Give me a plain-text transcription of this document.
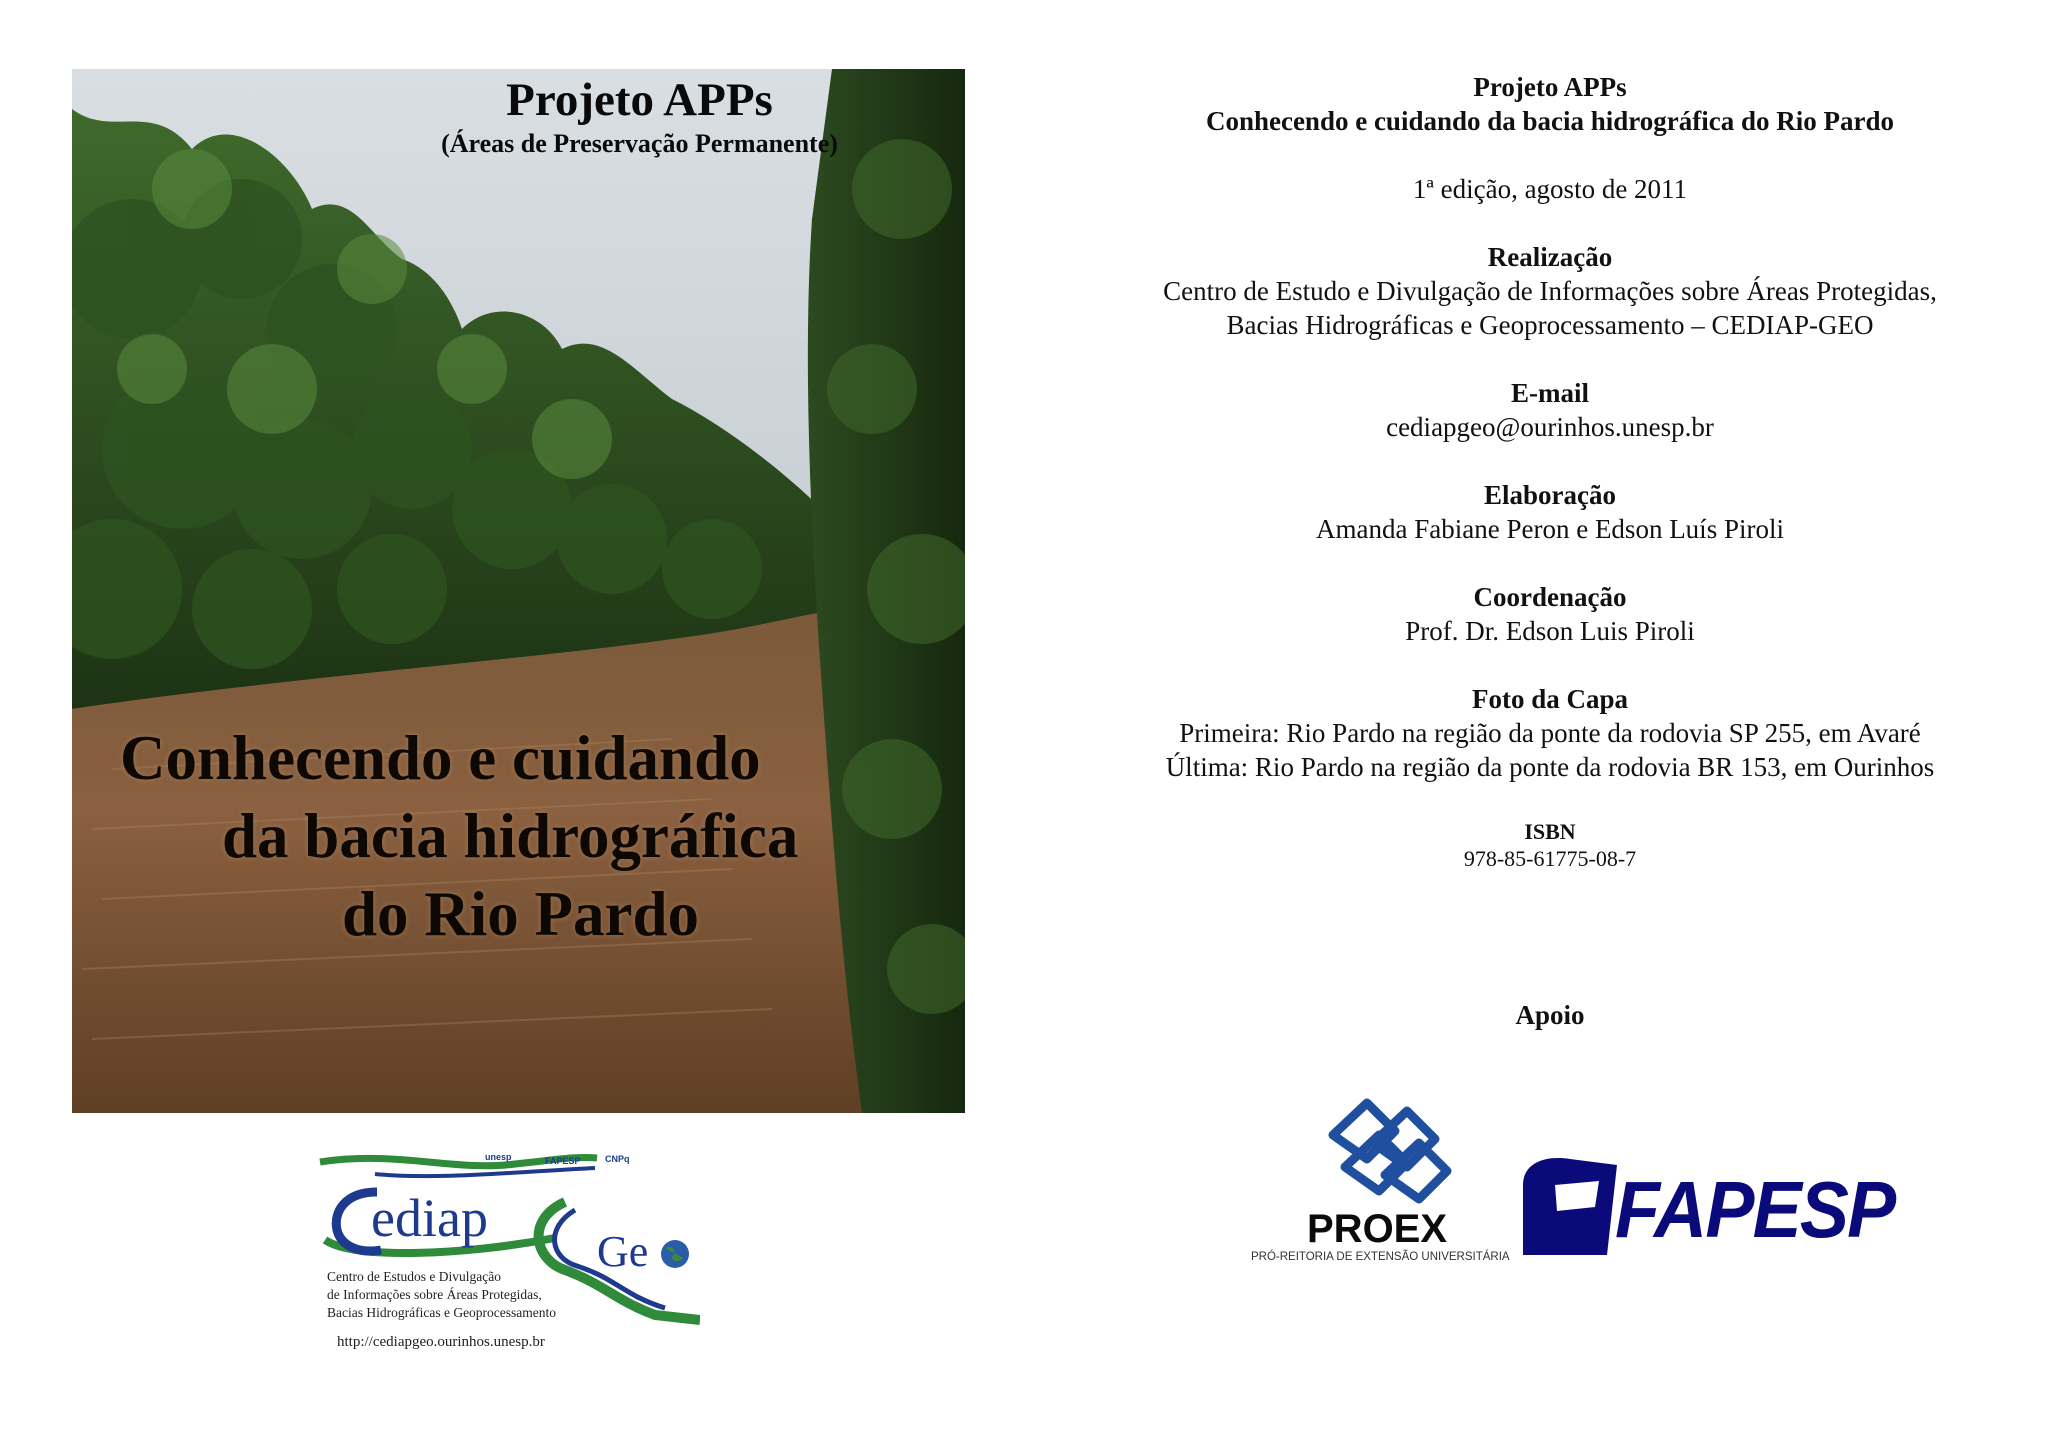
Projeto APPs
(Áreas de Preservação Permanente)
Conhecendo e cuidando
da bacia hidrográfica
do Rio Pardo
ediap
Ge
unesp	FAPESP	CNPq
Centro de Estudos e Divulgação
de Informações sobre Áreas Protegidas,
Bacias Hidrográficas e Geoprocessamento
http://cediapgeo.ourinhos.unesp.br

Projeto APPs

Conhecendo e cuidando da bacia hidrográfica do Rio Pardo

1ª edição, agosto de 2011

Realização

Centro de Estudo e Divulgação de Informações sobre Áreas Protegidas,

Bacias Hidrográficas e Geoprocessamento – CEDIAP-GEO

E-mail

cediapgeo@ourinhos.unesp.br

Elaboração

Amanda Fabiane Peron e Edson Luís Piroli

Coordenação

Prof. Dr. Edson Luis Piroli

Foto da Capa

Primeira: Rio Pardo na região da ponte da rodovia SP 255, em Avaré

Última: Rio Pardo na região da ponte da rodovia BR 153, em Ourinhos

ISBN

978-85-61775-08-7

Apoio
PROEX
PRÓ-REITORIA DE EXTENSÃO UNIVERSITÁRIA
FAPESP
